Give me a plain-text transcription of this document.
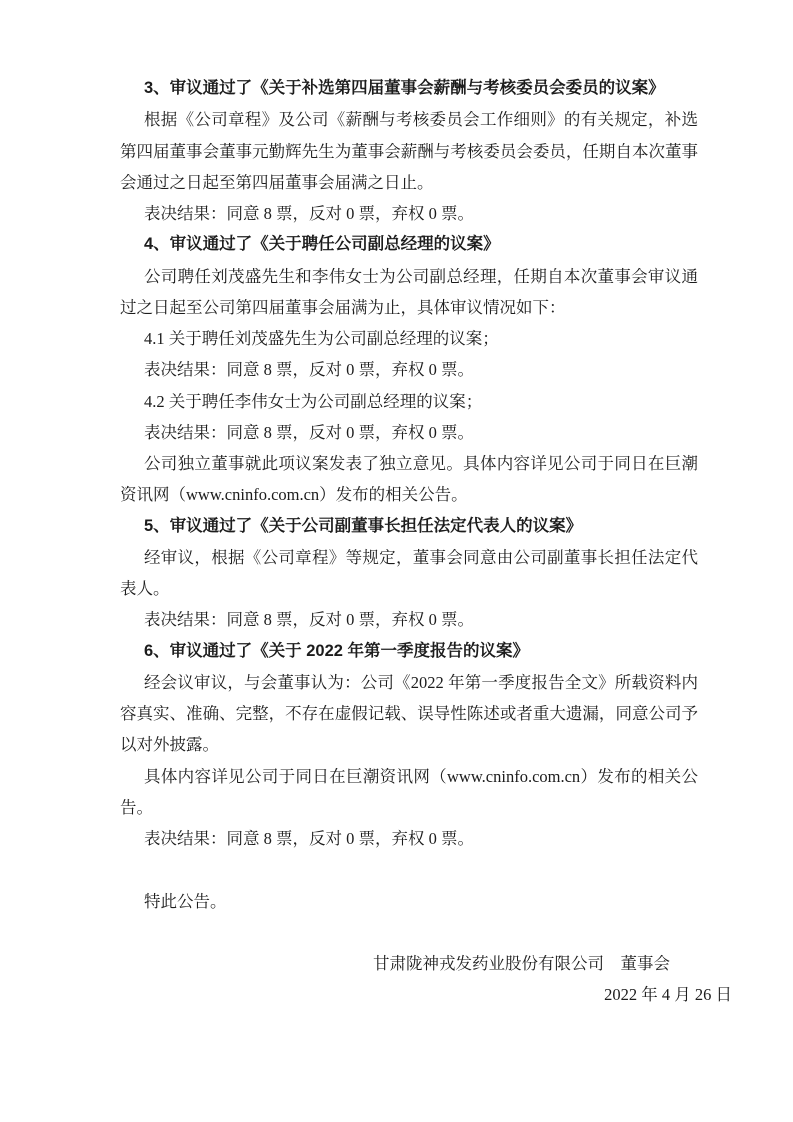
3、审议通过了《关于补选第四届董事会薪酬与考核委员会委员的议案》
根据《公司章程》及公司《薪酬与考核委员会工作细则》的有关规定，补选第四届董事会董事元勤辉先生为董事会薪酬与考核委员会委员，任期自本次董事会通过之日起至第四届董事会届满之日止。
表决结果：同意 8 票，反对 0 票，弃权 0 票。
4、审议通过了《关于聘任公司副总经理的议案》
公司聘任刘茂盛先生和李伟女士为公司副总经理，任期自本次董事会审议通过之日起至公司第四届董事会届满为止，具体审议情况如下：
4.1 关于聘任刘茂盛先生为公司副总经理的议案；
表决结果：同意 8 票，反对 0 票，弃权 0 票。
4.2 关于聘任李伟女士为公司副总经理的议案；
表决结果：同意 8 票，反对 0 票，弃权 0 票。
公司独立董事就此项议案发表了独立意见。具体内容详见公司于同日在巨潮资讯网（www.cninfo.com.cn）发布的相关公告。
5、审议通过了《关于公司副董事长担任法定代表人的议案》
经审议，根据《公司章程》等规定，董事会同意由公司副董事长担任法定代表人。
表决结果：同意 8 票，反对 0 票，弃权 0 票。
6、审议通过了《关于 2022 年第一季度报告的议案》
经会议审议，与会董事认为：公司《2022 年第一季度报告全文》所载资料内容真实、准确、完整，不存在虚假记载、误导性陈述或者重大遗漏，同意公司予以对外披露。
具体内容详见公司于同日在巨潮资讯网（www.cninfo.com.cn）发布的相关公告。
表决结果：同意 8 票，反对 0 票，弃权 0 票。
特此公告。
甘肃陇神戎发药业股份有限公司　董事会
2022 年 4 月 26 日
